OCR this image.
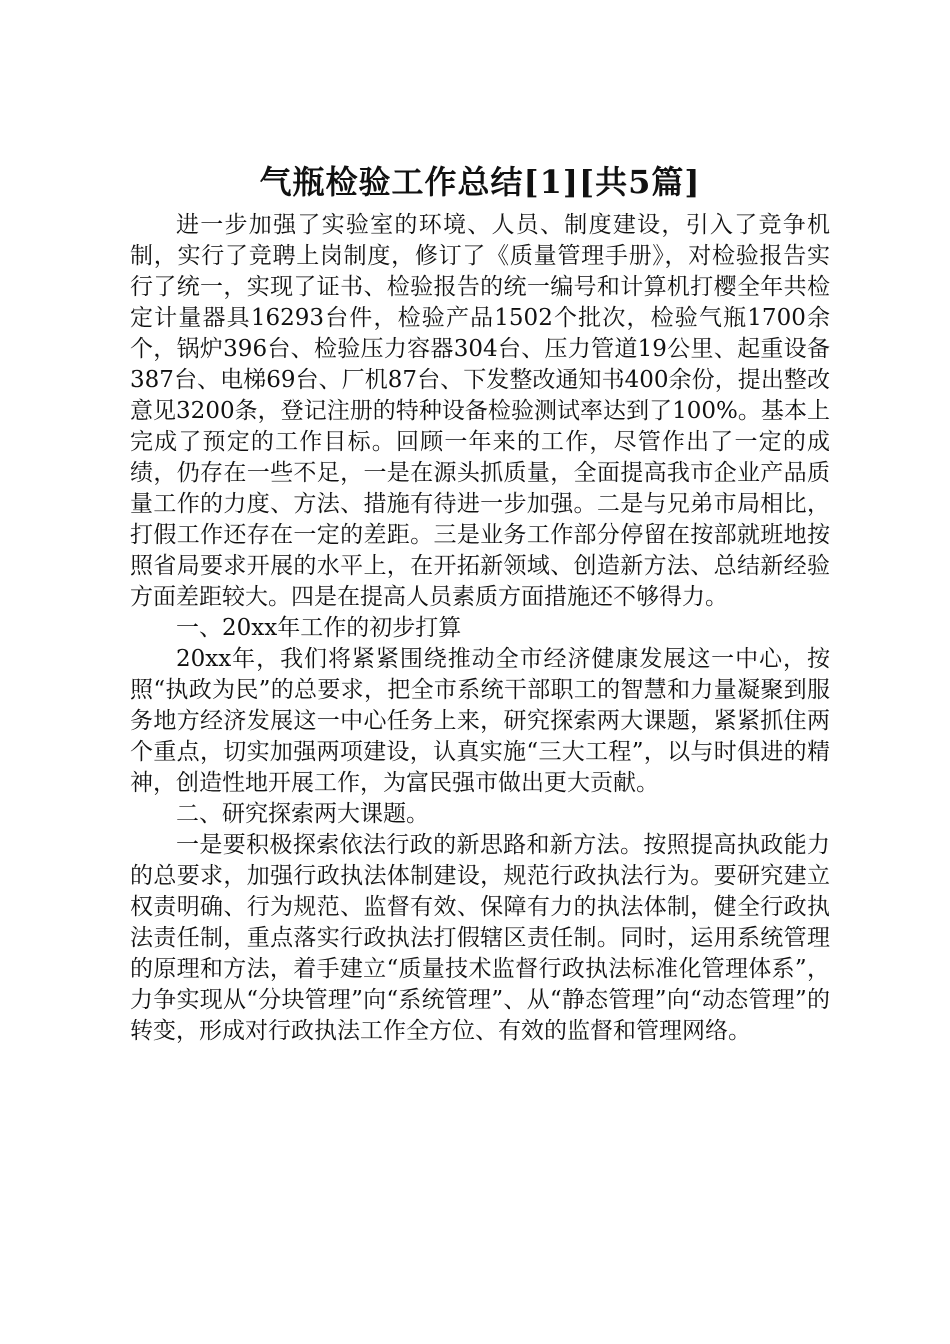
气瓶检验工作总结[1][共5篇]

进一步加强了实验室的环境、人员、制度建设，引入了竞争机制，实行了竞聘上岗制度，修订了《质量管理手册》，对检验报告实行了统一，实现了证书、检验报告的统一编号和计算机打樱全年共检定计量器具16293台件，检验产品1502个批次，检验气瓶1700余个，锅炉396台、检验压力容器304台、压力管道19公里、起重设备387台、电梯69台、厂机87台、下发整改通知书400余份，提出整改意见3200条，登记注册的特种设备检验测试率达到了100%。基本上完成了预定的工作目标。回顾一年来的工作，尽管作出了一定的成绩，仍存在一些不足，一是在源头抓质量，全面提高我市企业产品质量工作的力度、方法、措施有待进一步加强。二是与兄弟市局相比，打假工作还存在一定的差距。三是业务工作部分停留在按部就班地按照省局要求开展的水平上，在开拓新领域、创造新方法、总结新经验方面差距较大。四是在提高人员素质方面措施还不够得力。

一、20xx年工作的初步打算

20xx年，我们将紧紧围绕推动全市经济健康发展这一中心，按照“执政为民”的总要求，把全市系统干部职工的智慧和力量凝聚到服务地方经济发展这一中心任务上来，研究探索两大课题，紧紧抓住两个重点，切实加强两项建设，认真实施“三大工程”，以与时俱进的精神，创造性地开展工作，为富民强市做出更大贡献。

二、研究探索两大课题。

一是要积极探索依法行政的新思路和新方法。按照提高执政能力的总要求，加强行政执法体制建设，规范行政执法行为。要研究建立权责明确、行为规范、监督有效、保障有力的执法体制，健全行政执法责任制，重点落实行政执法打假辖区责任制。同时，运用系统管理的原理和方法，着手建立“质量技术监督行政执法标准化管理体系”，力争实现从“分块管理”向“系统管理”、从“静态管理”向“动态管理”的转变，形成对行政执法工作全方位、有效的监督和管理网络。
